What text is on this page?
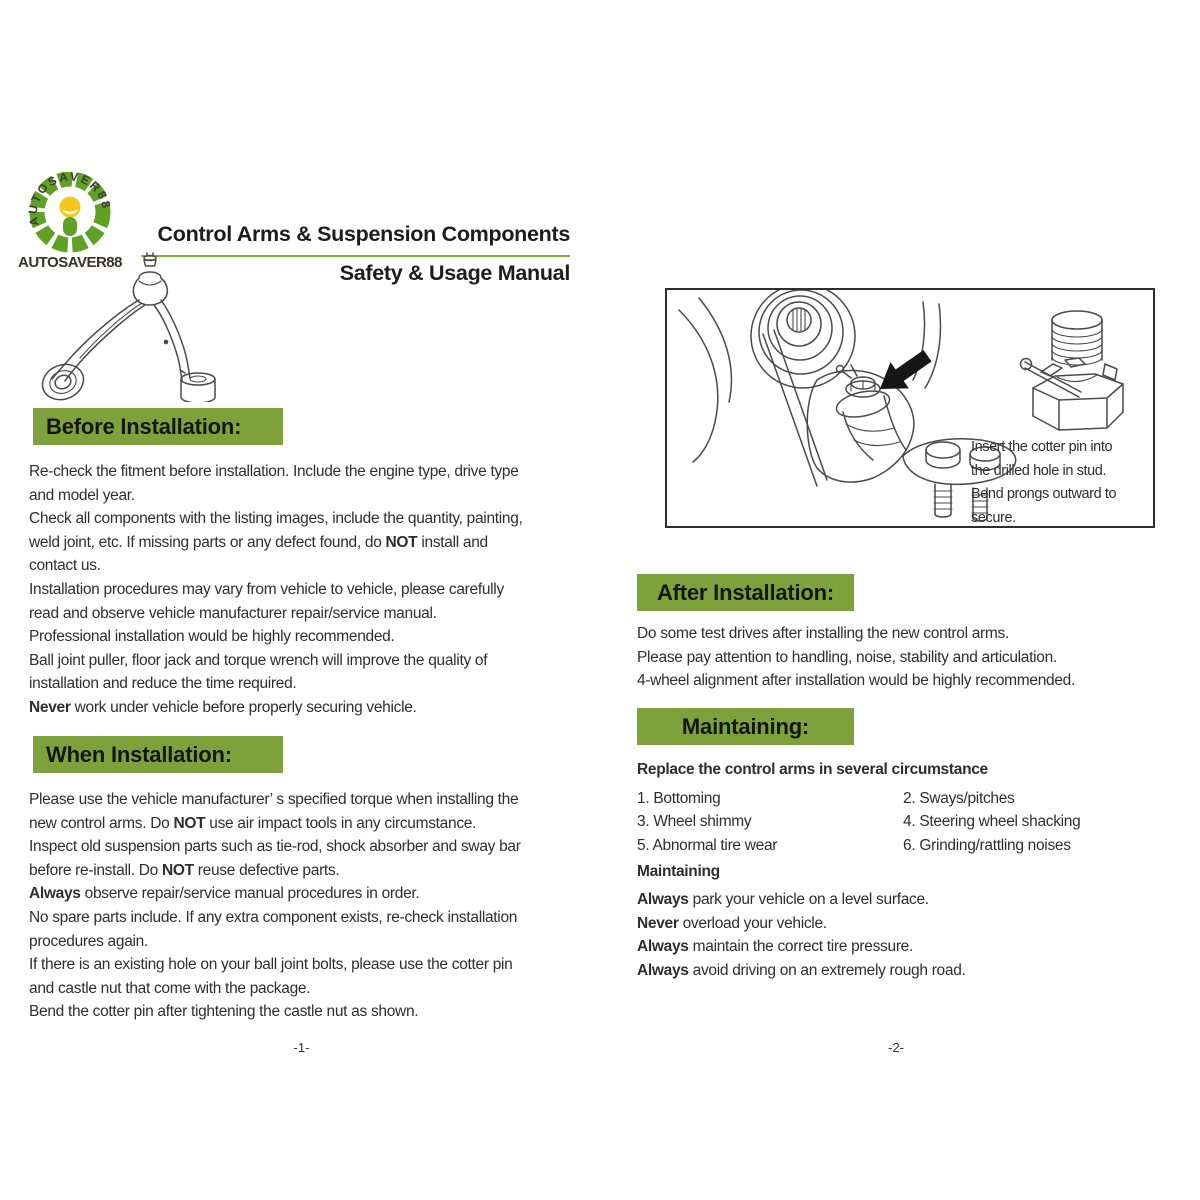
AUTOSAVER88
AUTOSAVER88
Control Arms & Suspension Components
Safety & Usage Manual
Before Installation:
Re-check the fitment before installation. Include the engine type, drive type
and model year.
Check all components with the listing images, include the quantity, painting,
weld joint, etc. If missing parts or any defect found, do NOT install and
contact us.
Installation procedures may vary from vehicle to vehicle, please carefully
read and observe vehicle manufacturer repair/service manual.
Professional installation would be highly recommended.
Ball joint puller, floor jack and torque wrench will improve the quality of
installation and reduce the time required.
Never work under vehicle before properly securing vehicle.
When Installation:
Please use the vehicle manufacturer’ s specified torque when installing the
new control arms. Do NOT use air impact tools in any circumstance.
Inspect old suspension parts such as tie-rod, shock absorber and sway bar
before re-install. Do NOT reuse defective parts.
Always observe repair/service manual procedures in order.
No spare parts include. If any extra component exists, re-check installation
procedures again.
If there is an existing hole on your ball joint bolts, please use the cotter pin
and castle nut that come with the package.
Bend the cotter pin after tightening the castle nut as shown.
-1-
Insert the cotter pin into
the drilled hole in stud.
Bend prongs outward to
secure.
After Installation:
Do some test drives after installing the new control arms.
Please pay attention to handling, noise, stability and articulation.
4-wheel alignment after installation would be highly recommended.
Maintaining:
Replace the control arms in several circumstance
1. Bottoming	2. Sways/pitches
3. Wheel shimmy	4. Steering wheel shacking
5. Abnormal tire wear	6. Grinding/rattling noises
Maintaining
Always park your vehicle on a level surface.
Never overload your vehicle.
Always maintain the correct tire pressure.
Always avoid driving on an extremely rough road.
-2-
